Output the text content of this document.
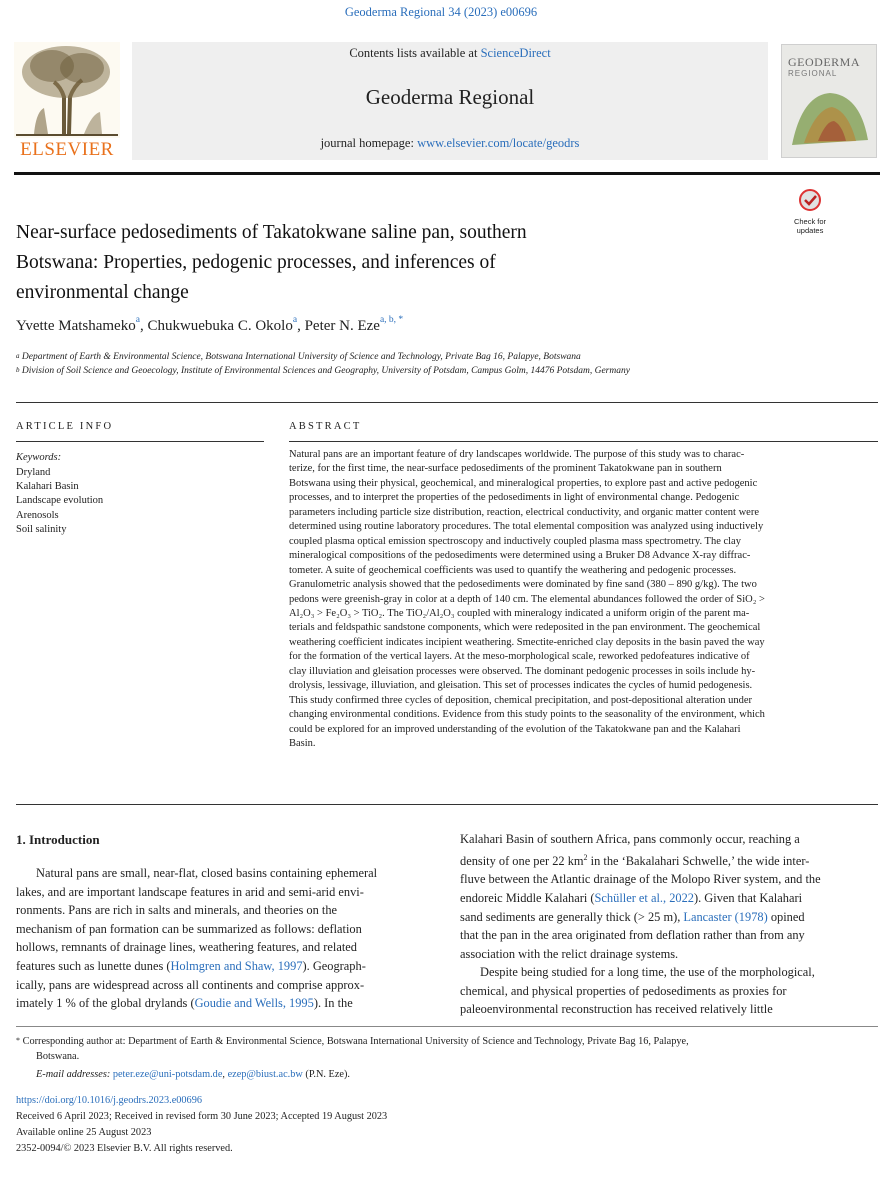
Geoderma Regional 34 (2023) e00696
ELSEVIER
Contents lists available at ScienceDirect
Geoderma Regional
journal homepage: www.elsevier.com/locate/geodrs
GEODERMA
REGIONAL
Near-surface pedosediments of Takatokwane saline pan, southern
Botswana: Properties, pedogenic processes, and inferences of
environmental change
Check for
updates
Yvette Matshameko$^a$, Chukwuebuka C. Okolo$^a$, Peter N. Eze$^{a, b, *}$
$^a$ Department of Earth & Environmental Science, Botswana International University of Science and Technology, Private Bag 16, Palapye, Botswana
$^b$ Division of Soil Science and Geoecology, Institute of Environmental Sciences and Geography, University of Potsdam, Campus Golm, 14476 Potsdam, Germany
ARTICLE INFO
Keywords:
Dryland
Kalahari Basin
Landscape evolution
Arenosols
Soil salinity
ABSTRACT
Natural pans are an important feature of dry landscapes worldwide. The purpose of this study was to charac-
terize, for the first time, the near-surface pedosediments of the prominent Takatokwane pan in southern
Botswana using their physical, geochemical, and mineralogical properties, to explore past and active pedogenic
processes, and to interpret the properties of the pedosediments in light of environmental change. Pedogenic
parameters including particle size distribution, reaction, electrical conductivity, and organic matter content were
determined using routine laboratory procedures. The total elemental composition was analyzed using inductively
coupled plasma optical emission spectroscopy and inductively coupled plasma mass spectrometry. The clay
mineralogical compositions of the pedosediments were determined using a Bruker D8 Advance X-ray diffrac-
tometer. A suite of geochemical coefficients was used to quantify the weathering and pedogenic processes.
Granulometric analysis showed that the pedosediments were dominated by fine sand (380 – 890 g/kg). The two
pedons were greenish-gray in color at a depth of 140 cm. The elemental abundances followed the order of SiO₂ >
Al₂O₃ > Fe₂O₃ > TiO₂. The TiO₂/Al₂O₃ coupled with mineralogy indicated a uniform origin of the parent ma-
terials and feldspathic sandstone components, which were redeposited in the pan environment. The geochemical
weathering coefficient indicates incipient weathering. Smectite-enriched clay deposits in the basin paved the way
for the formation of the vertical layers. At the meso-morphological scale, reworked pedofeatures indicative of
clay illuviation and gleisation processes were observed. The dominant pedogenic processes in soils include hy-
drolysis, lessivage, illuviation, and gleisation. This set of processes indicates the cycles of humid pedogenesis.
This study confirmed three cycles of deposition, chemical precipitation, and post-depositional alteration under
changing environmental conditions. Evidence from this study points to the seasonality of the environment, which
could be explored for an improved understanding of the evolution of the Takatokwane pan and the Kalahari
Basin.
1. Introduction
Natural pans are small, near-flat, closed basins containing ephemeral
lakes, and are important landscape features in arid and semi-arid envi-
ronments. Pans are rich in salts and minerals, and theories on the
mechanism of pan formation can be summarized as follows: deflation
hollows, remnants of drainage lines, weathering features, and related
features such as lunette dunes (Holmgren and Shaw, 1997). Geograph-
ically, pans are widespread across all continents and comprise approx-
imately 1 % of the global drylands (Goudie and Wells, 1995). In the
Kalahari Basin of southern Africa, pans commonly occur, reaching a
density of one per 22 $km^2$ in the ‘Bakalahari Schwelle,’ the wide inter-
fluve between the Atlantic drainage of the Molopo River system, and the
endoreic Middle Kalahari (Schüller et al., 2022). Given that Kalahari
sand sediments are generally thick (> 25 m), Lancaster (1978) opined
that the pan in the area originated from deflation rather than from any
association with the relict drainage systems.
Despite being studied for a long time, the use of the morphological,
chemical, and physical properties of pedosediments as proxies for
paleoenvironmental reconstruction has received relatively little
* Corresponding author at: Department of Earth & Environmental Science, Botswana International University of Science and Technology, Private Bag 16, Palapye,
Botswana.
E-mail addresses: peter.eze@uni-potsdam.de, ezep@biust.ac.bw (P.N. Eze).
https://doi.org/10.1016/j.geodrs.2023.e00696
Received 6 April 2023; Received in revised form 30 June 2023; Accepted 19 August 2023
Available online 25 August 2023
2352-0094/© 2023 Elsevier B.V. All rights reserved.
